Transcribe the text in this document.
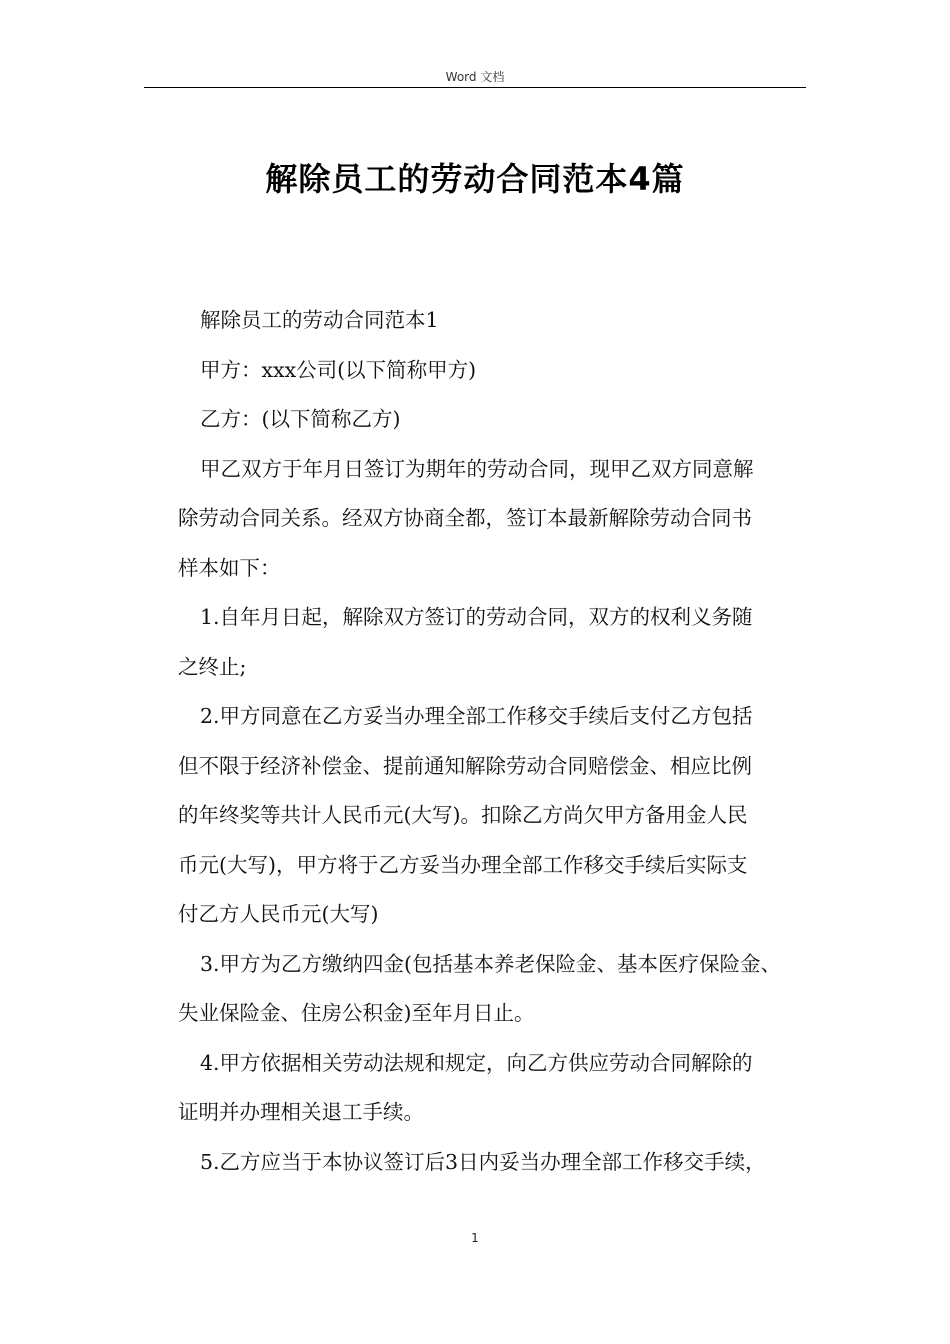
Word 文档
解除员工的劳动合同范本4篇

解除员工的劳动合同范本1

甲方：xxx公司(以下简称甲方)

乙方：(以下简称乙方)

甲乙双方于年月日签订为期年的劳动合同，现甲乙双方同意解
除劳动合同关系。经双方协商全都，签订本最新解除劳动合同书
样本如下：
1.自年月日起，解除双方签订的劳动合同，双方的权利义务随
之终止;
2.甲方同意在乙方妥当办理全部工作移交手续后支付乙方包括
但不限于经济补偿金、提前通知解除劳动合同赔偿金、相应比例
的年终奖等共计人民币元(大写)。扣除乙方尚欠甲方备用金人民
币元(大写)，甲方将于乙方妥当办理全部工作移交手续后实际支
付乙方人民币元(大写)
3.甲方为乙方缴纳四金(包括基本养老保险金、基本医疗保险金、
失业保险金、住房公积金)至年月日止。
4.甲方依据相关劳动法规和规定，向乙方供应劳动合同解除的
证明并办理相关退工手续。
5.乙方应当于本协议签订后3日内妥当办理全部工作移交手续，
1
